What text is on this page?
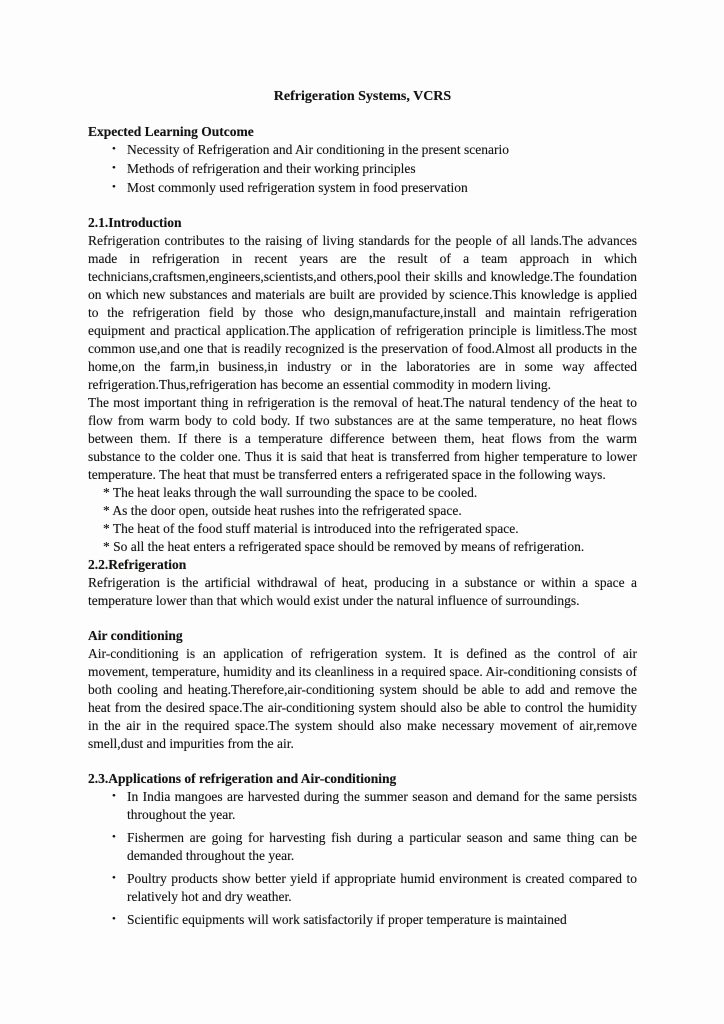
Refrigeration Systems, VCRS
Expected Learning Outcome
• Necessity of Refrigeration and Air conditioning in the present scenario
• Methods of refrigeration and their working principles
• Most commonly used refrigeration system in food preservation
2.1.Introduction
Refrigeration contributes to the raising of living standards for the people of all lands.The advances made in refrigeration in recent years are the result of a team approach in which technicians,craftsmen,engineers,scientists,and others,pool their skills and knowledge.The foundation on which new substances and materials are built are provided by science.This knowledge is applied to the refrigeration field by those who design,manufacture,install and maintain refrigeration equipment and practical application.The application of refrigeration principle is limitless.The most common use,and one that is readily recognized is the preservation of food.Almost all products in the home,on the farm,in business,in industry or in the laboratories are in some way affected refrigeration.Thus,refrigeration has become an essential commodity in modern living.
The most important thing in refrigeration is the removal of heat.The natural tendency of the heat to flow from warm body to cold body. If two substances are at the same temperature, no heat flows between them. If there is a temperature difference between them, heat flows from the warm substance to the colder one. Thus it is said that heat is transferred from higher temperature to lower temperature. The heat that must be transferred enters a refrigerated space in the following ways.
* The heat leaks through the wall surrounding the space to be cooled.
* As the door open, outside heat rushes into the refrigerated space.
* The heat of the food stuff material is introduced into the refrigerated space.
* So all the heat enters a refrigerated space should be removed by means of refrigeration.
2.2.Refrigeration
Refrigeration is the artificial withdrawal of heat, producing in a substance or within a space a temperature lower than that which would exist under the natural influence of surroundings.
Air conditioning
Air-conditioning is an application of refrigeration system. It is defined as the control of air movement, temperature, humidity and its cleanliness in a required space. Air-conditioning consists of both cooling and heating.Therefore,air-conditioning system should be able to add and remove the heat from the desired space.The air-conditioning system should also be able to control the humidity in the air in the required space.The system should also make necessary movement of air,remove smell,dust and impurities from the air.
2.3.Applications of refrigeration and Air-conditioning
• In India mangoes are harvested during the summer season and demand for the same persists throughout the year.
• Fishermen are going for harvesting fish during a particular season and same thing can be demanded throughout the year.
• Poultry products show better yield if appropriate humid environment is created compared to relatively hot and dry weather.
• Scientific equipments will work satisfactorily if proper temperature is maintained
